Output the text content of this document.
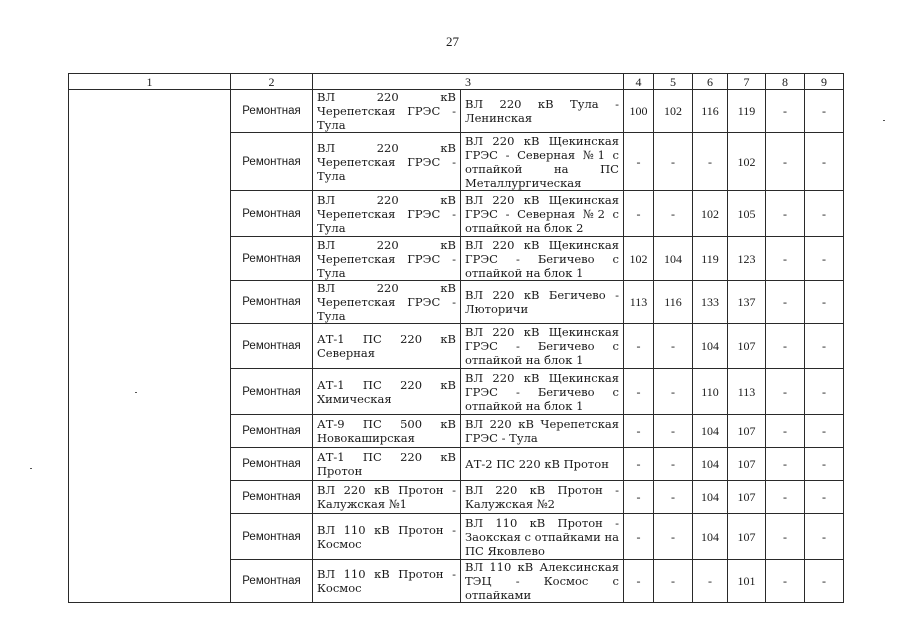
27
1	2	3		4	5	6	7	8	9
	Ремонтная	ВЛ 220 кВ Черепетская ГРЭС - Тула	ВЛ 220 кВ Тула - Ленинская	100	102	116	119	-	-
	Ремонтная	ВЛ 220 кВ Черепетская ГРЭС - Тула	ВЛ 220 кВ Щекинская ГРЭС - Северная №1 с отпайкой на ПС Металлургическая	-	-	-	102	-	-
	Ремонтная	ВЛ 220 кВ Черепетская ГРЭС - Тула	ВЛ 220 кВ Щекинская ГРЭС - Северная №2 с отпайкой на блок 2	-	-	102	105	-	-
	Ремонтная	ВЛ 220 кВ Черепетская ГРЭС - Тула	ВЛ 220 кВ Щекинская ГРЭС - Бегичево с отпайкой на блок 1	102	104	119	123	-	-
	Ремонтная	ВЛ 220 кВ Черепетская ГРЭС - Тула	ВЛ 220 кВ Бегичево - Люторичи	113	116	133	137	-	-
	Ремонтная	АТ-1 ПС 220 кВ Северная	ВЛ 220 кВ Щекинская ГРЭС - Бегичево с отпайкой на блок 1	-	-	104	107	-	-
	Ремонтная	АТ-1 ПС 220 кВ Химическая	ВЛ 220 кВ Щекинская ГРЭС - Бегичево с отпайкой на блок 1	-	-	110	113	-	-
	Ремонтная	АТ-9 ПС 500 кВ Новокаширская	ВЛ 220 кВ Черепетская ГРЭС - Тула	-	-	104	107	-	-
	Ремонтная	АТ-1 ПС 220 кВ Протон	АТ-2 ПС 220 кВ Протон	-	-	104	107	-	-
	Ремонтная	ВЛ 220 кВ Протон - Калужская №1	ВЛ 220 кВ Протон - Калужская №2	-	-	104	107	-	-
	Ремонтная	ВЛ 110 кВ Протон - Космос	ВЛ 110 кВ Протон - Заокская с отпайками на ПС Яковлево	-	-	104	107	-	-
	Ремонтная	ВЛ 110 кВ Протон - Космос	ВЛ 110 кВ Алексинская ТЭЦ - Космос с отпайками	-	-	-	101	-	-
